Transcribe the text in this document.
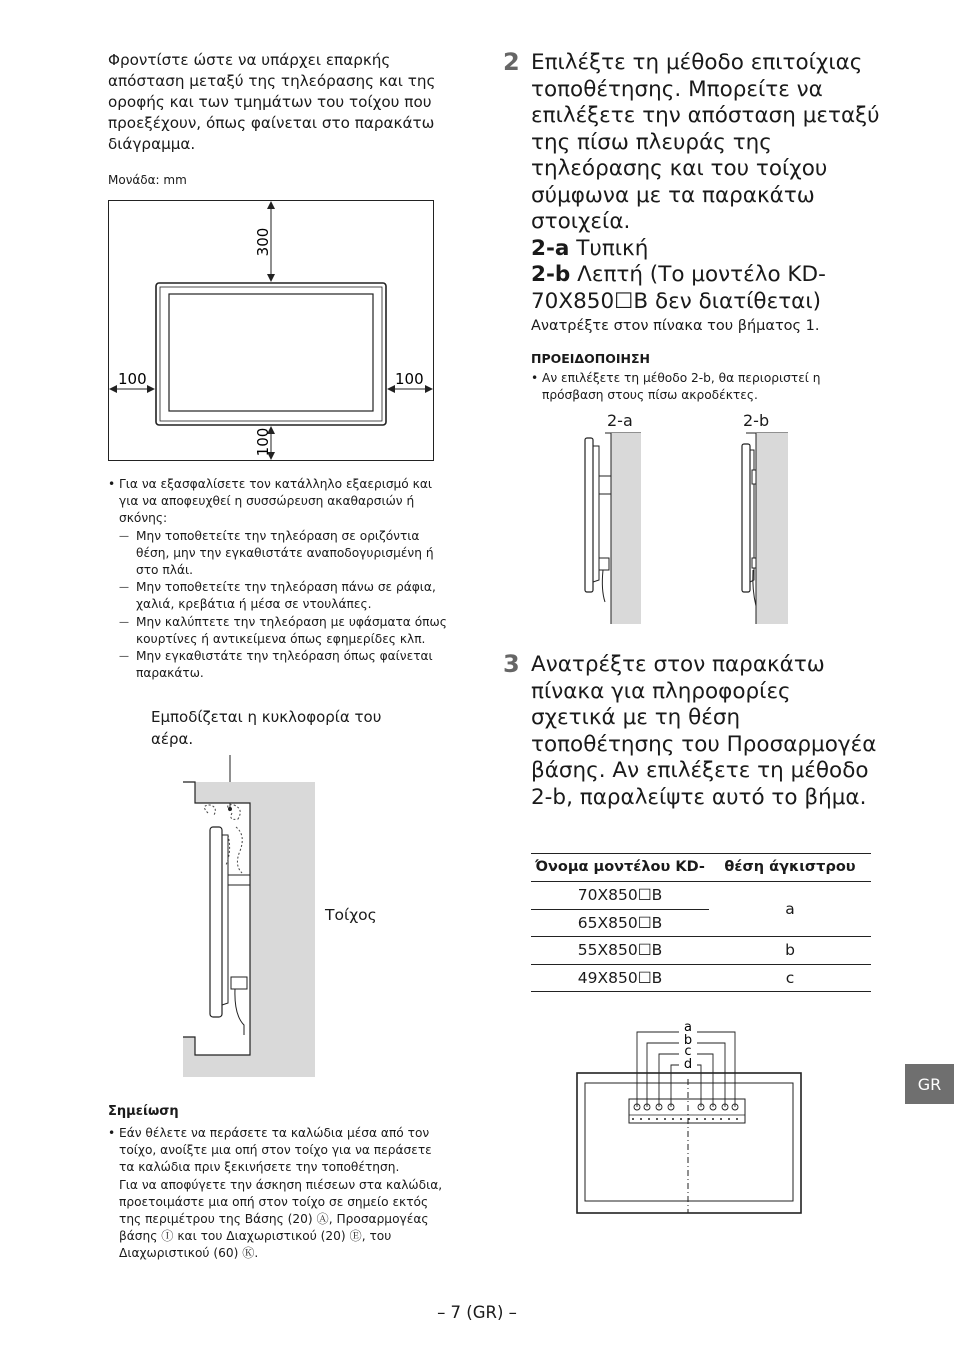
Φροντίστε ώστε να υπάρχει επαρκής απόσταση μεταξύ της τηλεόρασης και της οροφής και των τμημάτων του τοίχου που προεξέχουν, όπως φαίνεται στο παρακάτω διάγραμμα.
Μονάδα: mm
300
100
100	100
• Για να εξασφαλίσετε τον κατάλληλο εξαερισμό και για να αποφευχθεί η συσσώρευση ακαθαρσιών ή σκόνης:
— Μην τοποθετείτε την τηλεόραση σε οριζόντια θέση, μην την εγκαθιστάτε αναποδογυρισμένη ή στο πλάι.
— Μην τοποθετείτε την τηλεόραση πάνω σε ράφια, χαλιά, κρεβάτια ή μέσα σε ντουλάπες.
— Μην καλύπτετε την τηλεόραση με υφάσματα όπως κουρτίνες ή αντικείμενα όπως εφημερίδες κλπ.
— Μην εγκαθιστάτε την τηλεόραση όπως φαίνεται παρακάτω.
Εμποδίζεται η κυκλοφορία του αέρα.
Τοίχος
Σημείωση

• Εάν θέλετε να περάσετε τα καλώδια μέσα από τον τοίχο, ανοίξτε μια οπή στον τοίχο για να περάσετε τα καλώδια πριν ξεκινήσετε την τοποθέτηση.

Για να αποφύγετε την άσκηση πιέσεων στα καλώδια, προετοιμάστε μια οπή στον τοίχο σε σημείο εκτός της περιμέτρου της Βάσης (20) Ⓐ, Προσαρμογέας βάσης Ⓘ και του Διαχωριστικού (20) Ⓔ, του Διαχωριστικού (60) Ⓚ.

2 Επιλέξτε τη μέθοδο επιτοίχιας τοποθέτησης. Μπορείτε να επιλέξετε την απόσταση μεταξύ της πίσω πλευράς της τηλεόρασης και του τοίχου σύμφωνα με τα παρακάτω στοιχεία.
2-a Τυπική
2-b Λεπτή (Το μοντέλο KD-70X850☐B δεν διατίθεται)
Ανατρέξτε στον πίνακα του βήματος 1.
ΠΡΟΕΙΔΟΠΟΙΗΣΗ
• Αν επιλέξετε τη μέθοδο 2-b, θα περιοριστεί η πρόσβαση στους πίσω ακροδέκτες.
2-a	2-b
3 Ανατρέξτε στον παρακάτω πίνακα για πληροφορίες σχετικά με τη θέση τοποθέτησης του Προσαρμογέα βάσης. Αν επιλέξετε τη μέθοδο 2-b, παραλείψτε αυτό το βήμα.
Όνομα μοντέλου KD-	θέση άγκιστρου
70X850☐B	a
65X850☐B	
55X850☐B	b
49X850☐B	c
a
b
c
d
GR
– 7 (GR) –
